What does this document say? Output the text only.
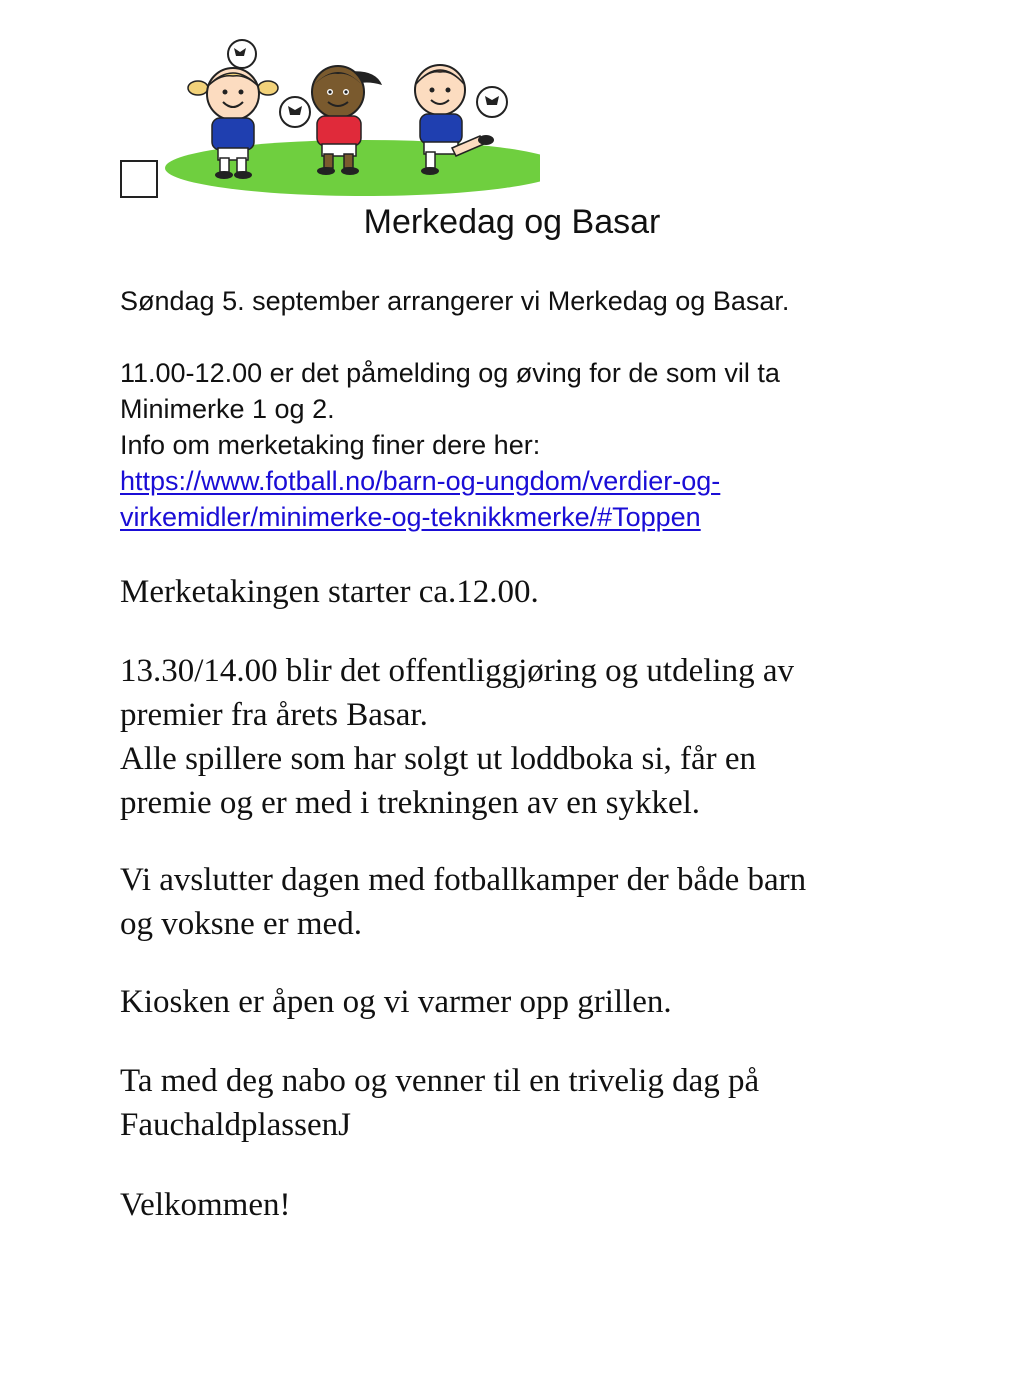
Merkedag og Basar

Søndag 5. september arrangerer vi Merkedag og Basar.

11.00-12.00 er det påmelding og øving for de som vil ta
Minimerke 1 og 2.
Info om merketaking finer dere her:
https://www.fotball.no/barn-og-ungdom/verdier-og-
virkemidler/minimerke-og-teknikkmerke/#Toppen

Merketakingen starter ca.12.00.

13.30/14.00 blir det offentliggjøring og utdeling av
premier fra årets Basar.
Alle spillere som har solgt ut loddboka si, får en
premie og er med i trekningen av en sykkel.
Vi avslutter dagen med fotballkamper der både barn
og voksne er med.

Kiosken er åpen og vi varmer opp grillen.

Ta med deg nabo og venner til en trivelig dag på
FauchaldplassenJ

Velkommen!
